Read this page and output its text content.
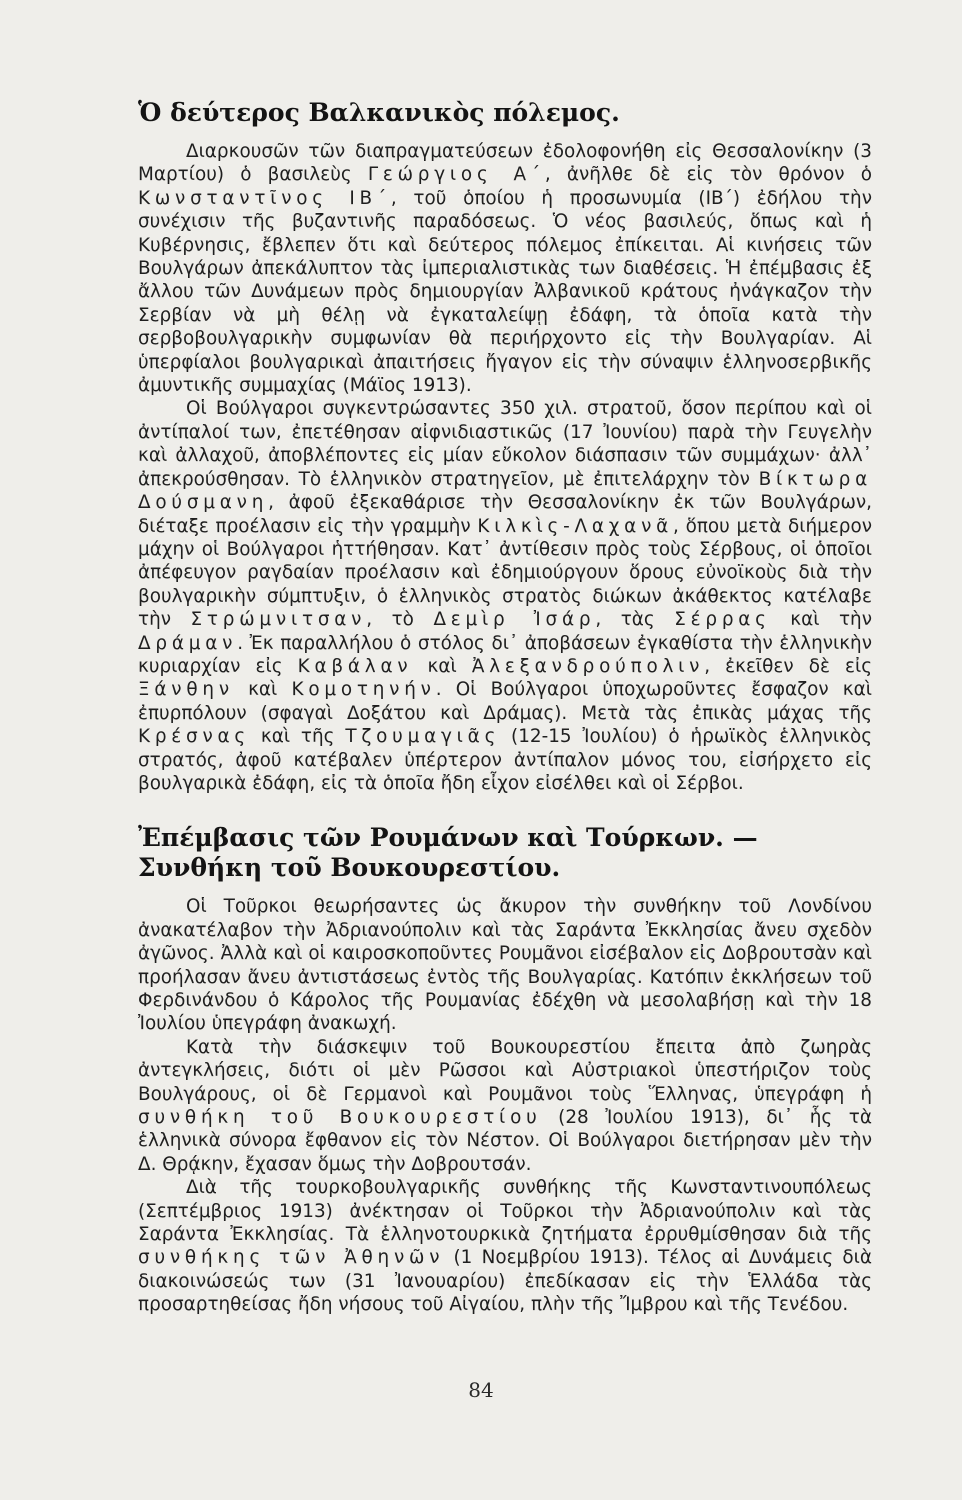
Ὁ δεύτερος Βαλκανικὸς πόλεμος.

Διαρκουσῶν τῶν διαπραγματεύσεων ἐδολοφονήθη εἰς Θεσσαλονίκην (3 Μαρτίου) ὁ βασιλεὺς Γεώργιος Α΄, ἀνῆλθε δὲ εἰς τὸν θρόνον ὁ Κωνσταντῖνος ΙΒ΄, τοῦ ὁποίου ἡ προσωνυμία (ΙΒ΄) ἐδήλου τὴν συνέχισιν τῆς βυζαντινῆς παραδόσεως. Ὁ νέος βασιλεύς, ὅπως καὶ ἡ Κυβέρνησις, ἔβλεπεν ὅτι καὶ δεύτερος πόλεμος ἐπίκειται. Αἱ κινήσεις τῶν Βουλγάρων ἀπεκάλυπτον τὰς ἰμπεριαλιστικὰς των διαθέσεις. Ἡ ἐπέμβασις ἐξ ἄλλου τῶν Δυνάμεων πρὸς δημιουργίαν Ἀλβανικοῦ κράτους ἠνάγκαζον τὴν Σερβίαν νὰ μὴ θέλῃ νὰ ἐγκαταλείψῃ ἐδάφη, τὰ ὁποῖα κατὰ τὴν σερβοβουλγαρικὴν συμφωνίαν θὰ περιήρχοντο εἰς τὴν Βουλγαρίαν. Αἱ ὑπερφίαλοι βουλγαρικαὶ ἀπαιτήσεις ἤγαγον εἰς τὴν σύναψιν ἑλληνοσερβικῆς ἀμυντικῆς συμμαχίας (Μάϊος 1913).

Οἱ Βούλγαροι συγκεντρώσαντες 350 χιλ. στρατοῦ, ὅσον περίπου καὶ οἱ ἀντίπαλοί των, ἐπετέθησαν αἰφνιδιαστικῶς (17 Ἰουνίου) παρὰ τὴν Γευγελὴν καὶ ἀλλαχοῦ, ἀποβλέποντες εἰς μίαν εὔκολον διάσπασιν τῶν συμμάχων· ἀλλ᾽ ἀπεκρούσθησαν. Τὸ ἑλληνικὸν στρατηγεῖον, μὲ ἐπιτελάρχην τὸν Βίκτωρα Δούσμανη, ἀφοῦ ἐξεκαθάρισε τὴν Θεσσαλονίκην ἐκ τῶν Βουλγάρων, διέταξε προέλασιν εἰς τὴν γραμμὴν Κιλκὶς-Λαχανᾶ, ὅπου μετὰ διήμερον μάχην οἱ Βούλγαροι ἡττήθησαν. Κατ᾽ ἀντίθεσιν πρὸς τοὺς Σέρβους, οἱ ὁποῖοι ἀπέφευγον ραγδαίαν προέλασιν καὶ ἐδημιούργουν ὅρους εὐνοϊκοὺς διὰ τὴν βουλγαρικὴν σύμπτυξιν, ὁ ἑλληνικὸς στρατὸς διώκων ἀκάθεκτος κατέλαβε τὴν Στρώμνιτσαν, τὸ Δεμὶρ Ἰσάρ, τὰς Σέρρας καὶ τὴν Δράμαν. Ἐκ παραλλήλου ὁ στόλος δι᾽ ἀποβάσεων ἐγκαθίστα τὴν ἑλληνικὴν κυριαρχίαν εἰς Καβάλαν καὶ Ἀλεξανδρούπολιν, ἐκεῖθεν δὲ εἰς Ξάνθην καὶ Κομοτηνήν. Οἱ Βούλγαροι ὑποχωροῦντες ἔσφαζον καὶ ἐπυρπόλουν (σφαγαὶ Δοξάτου καὶ Δράμας). Μετὰ τὰς ἐπικὰς μάχας τῆς Κρέσνας καὶ τῆς Τζουμαγιᾶς (12-15 Ἰουλίου) ὁ ἡρωϊκὸς ἑλληνικὸς στρατός, ἀφοῦ κατέβαλεν ὑπέρτερον ἀντίπαλον μόνος του, εἰσήρχετο εἰς βουλγαρικὰ ἐδάφη, εἰς τὰ ὁποῖα ἤδη εἶχον εἰσέλθει καὶ οἱ Σέρβοι.

Ἐπέμβασις τῶν Ρουμάνων καὶ Τούρκων. — Συνθήκη τοῦ Βουκουρεστίου.

Οἱ Τοῦρκοι θεωρήσαντες ὡς ἄκυρον τὴν συνθήκην τοῦ Λονδίνου ἀνακατέλαβον τὴν Ἀδριανούπολιν καὶ τὰς Σαράντα Ἐκκλησίας ἄνευ σχεδὸν ἀγῶνος. Ἀλλὰ καὶ οἱ καιροσκοποῦντες Ρουμᾶνοι εἰσέβαλον εἰς Δοβρουτσὰν καὶ προήλασαν ἄνευ ἀντιστάσεως ἐντὸς τῆς Βουλγαρίας. Κατόπιν ἐκκλήσεων τοῦ Φερδινάνδου ὁ Κάρολος τῆς Ρουμανίας ἐδέχθη νὰ μεσολαβήσῃ καὶ τὴν 18 Ἰουλίου ὑπεγράφη ἀνακωχή.

Κατὰ τὴν διάσκεψιν τοῦ Βουκουρεστίου ἔπειτα ἀπὸ ζωηρὰς ἀντεγκλήσεις, διότι οἱ μὲν Ρῶσσοι καὶ Αὐστριακοὶ ὑπεστήριζον τοὺς Βουλγάρους, οἱ δὲ Γερμανοὶ καὶ Ρουμᾶνοι τοὺς Ἕλληνας, ὑπεγράφη ἡ συνθήκη τοῦ Βουκουρεστίου (28 Ἰουλίου 1913), δι᾽ ἧς τὰ ἑλληνικὰ σύνορα ἔφθανον εἰς τὸν Νέστον. Οἱ Βούλγαροι διετήρησαν μὲν τὴν Δ. Θρᾴκην, ἔχασαν ὅμως τὴν Δοβρουτσάν.

Διὰ τῆς τουρκοβουλγαρικῆς συνθήκης τῆς Κωνσταντινουπόλεως (Σεπτέμβριος 1913) ἀνέκτησαν οἱ Τοῦρκοι τὴν Ἀδριανούπολιν καὶ τὰς Σαράντα Ἐκκλησίας. Τὰ ἑλληνοτουρκικὰ ζητήματα ἐρρυθμίσθησαν διὰ τῆς συνθήκης τῶν Ἀθηνῶν (1 Νοεμβρίου 1913). Τέλος αἱ Δυνάμεις διὰ διακοινώσεώς των (31 Ἰανουαρίου) ἐπεδίκασαν εἰς τὴν Ἑλλάδα τὰς προσαρτηθείσας ἤδη νήσους τοῦ Αἰγαίου, πλὴν τῆς Ἴμβρου καὶ τῆς Τενέδου.

84
